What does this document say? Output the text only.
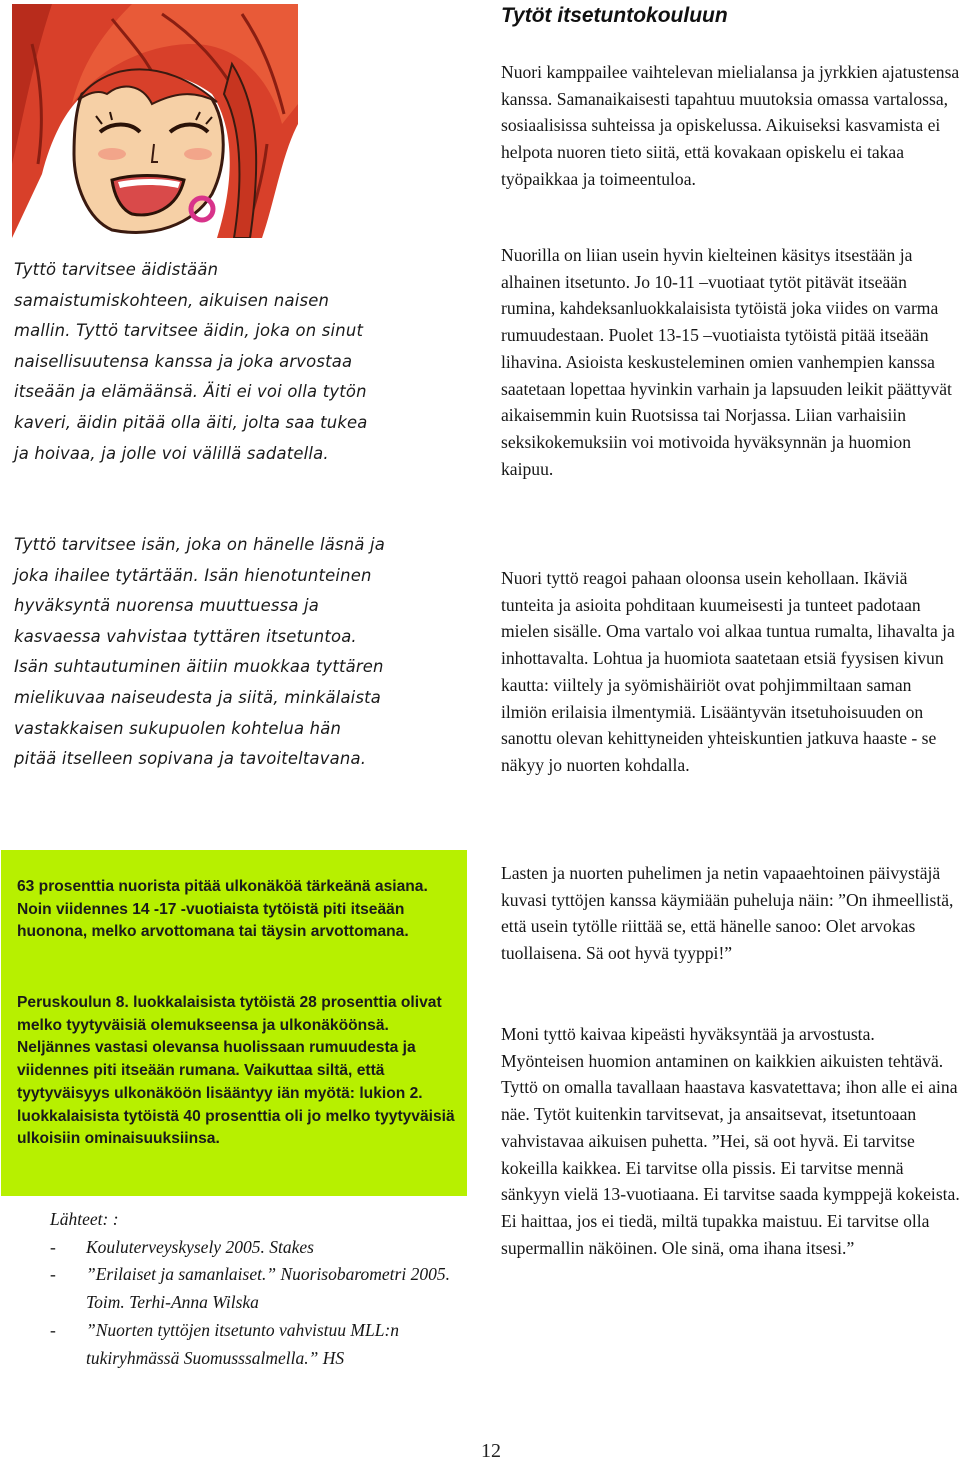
Tytöt itsetuntokouluun

Nuori kamppailee vaihtelevan mielialansa ja jyrkkien ajatustensa kanssa. Samanaikaisesti tapahtuu muutoksia omassa vartalossa, sosiaalisissa suhteissa ja opiskelussa. Aikuiseksi kasvamista ei helpota nuoren tieto siitä, että kovakaan opiskelu ei takaa työpaikkaa ja toimeentuloa.

Nuorilla on liian usein hyvin kielteinen käsitys itsestään ja alhainen itsetunto. Jo 10-11 –vuotiaat tytöt pitävät itseään rumina, kahdeksanluokkalaisista tytöistä joka viides on varma rumuudestaan. Puolet 13-15 –vuotiaista tytöistä pitää itseään lihavina. Asioista keskusteleminen omien vanhempien kanssa saatetaan lopettaa hyvinkin varhain ja lapsuuden leikit päättyvät aikaisemmin kuin Ruotsissa tai Norjassa. Liian varhaisiin seksikokemuksiin voi motivoida hyväksynnän ja huomion kaipuu.

Nuori tyttö reagoi pahaan oloonsa usein kehollaan. Ikäviä tunteita ja asioita pohditaan kuumeisesti ja tunteet padotaan mielen sisälle. Oma vartalo voi alkaa tuntua rumalta, lihavalta ja inhottavalta. Lohtua ja huomiota saatetaan etsiä fyysisen kivun kautta: viiltely ja syömishäiriöt ovat pohjimmiltaan saman ilmiön erilaisia ilmentymiä. Lisääntyvän itsetuhoisuuden on sanottu olevan kehittyneiden yhteiskuntien jatkuva haaste - se näkyy jo nuorten kohdalla.

Lasten ja nuorten puhelimen ja netin vapaaehtoinen päivystäjä kuvasi tyttöjen kanssa käymiään puheluja näin: ”On ihmeellistä, että usein tytölle riittää se, että hänelle sanoo: Olet arvokas tuollaisena. Sä oot hyvä tyyppi!”

Moni tyttö kaivaa kipeästi hyväksyntää ja arvostusta. Myönteisen huomion antaminen on kaikkien aikuisten tehtävä. Tyttö on omalla tavallaan haastava kasvatettava; ihon alle ei aina näe. Tytöt kuitenkin tarvitsevat, ja ansaitsevat, itsetuntoaan vahvistavaa aikuisen puhetta. ”Hei, sä oot hyvä. Ei tarvitse kokeilla kaikkea. Ei tarvitse olla pissis. Ei tarvitse mennä sänkyyn vielä 13-vuotiaana. Ei tarvitse saada kymppejä kokeista. Ei haittaa, jos ei tiedä, miltä tupakka maistuu. Ei tarvitse olla supermallin näköinen. Ole sinä, oma ihana itsesi.”

Tyttö tarvitsee äidistään samaistumiskohteen, aikuisen naisen mallin. Tyttö tarvitsee äidin, joka on sinut naisellisuutensa kanssa ja joka arvostaa itseään ja elämäänsä. Äiti ei voi olla tytön kaveri, äidin pitää olla äiti, jolta saa tukea ja hoivaa, ja jolle voi välillä sadatella.

Tyttö tarvitsee isän, joka on hänelle läsnä ja joka ihailee tytärtään. Isän hienotunteinen hyväksyntä nuorensa muuttuessa ja kasvaessa vahvistaa tyttären itsetuntoa. Isän suhtautuminen äitiin muokkaa tyttären mielikuvaa naiseudesta ja siitä, minkälaista vastakkaisen sukupuolen kohtelua hän pitää itselleen sopivana ja tavoiteltavana.

63 prosenttia nuorista pitää ulkonäköä tärkeänä asiana. Noin viidennes 14 -17 -vuotiaista tytöistä piti itseään huonona, melko arvottomana tai täysin arvottomana.

Peruskoulun 8. luokkalaisista tytöistä 28 prosenttia olivat melko tyytyväisiä olemukseensa ja ulkonäköönsä. Neljännes vastasi olevansa huolissaan rumuudesta ja viidennes piti itseään rumana. Vaikuttaa siltä, että tyytyväisyys ulkonäköön lisääntyy iän myötä: lukion 2. luokkalaisista tytöistä 40 prosenttia oli jo melko tyytyväisiä ulkoisiin ominaisuuksiinsa.

Lähteet: :
-	Kouluterveyskysely 2005. Stakes
-	”Erilaiset ja samanlaiset.” Nuorisobarometri 2005. Toim. Terhi-Anna Wilska
-	”Nuorten tyttöjen itsetunto vahvistuu MLL:n tukiryhmässä Suomusssalmella.” HS
12
